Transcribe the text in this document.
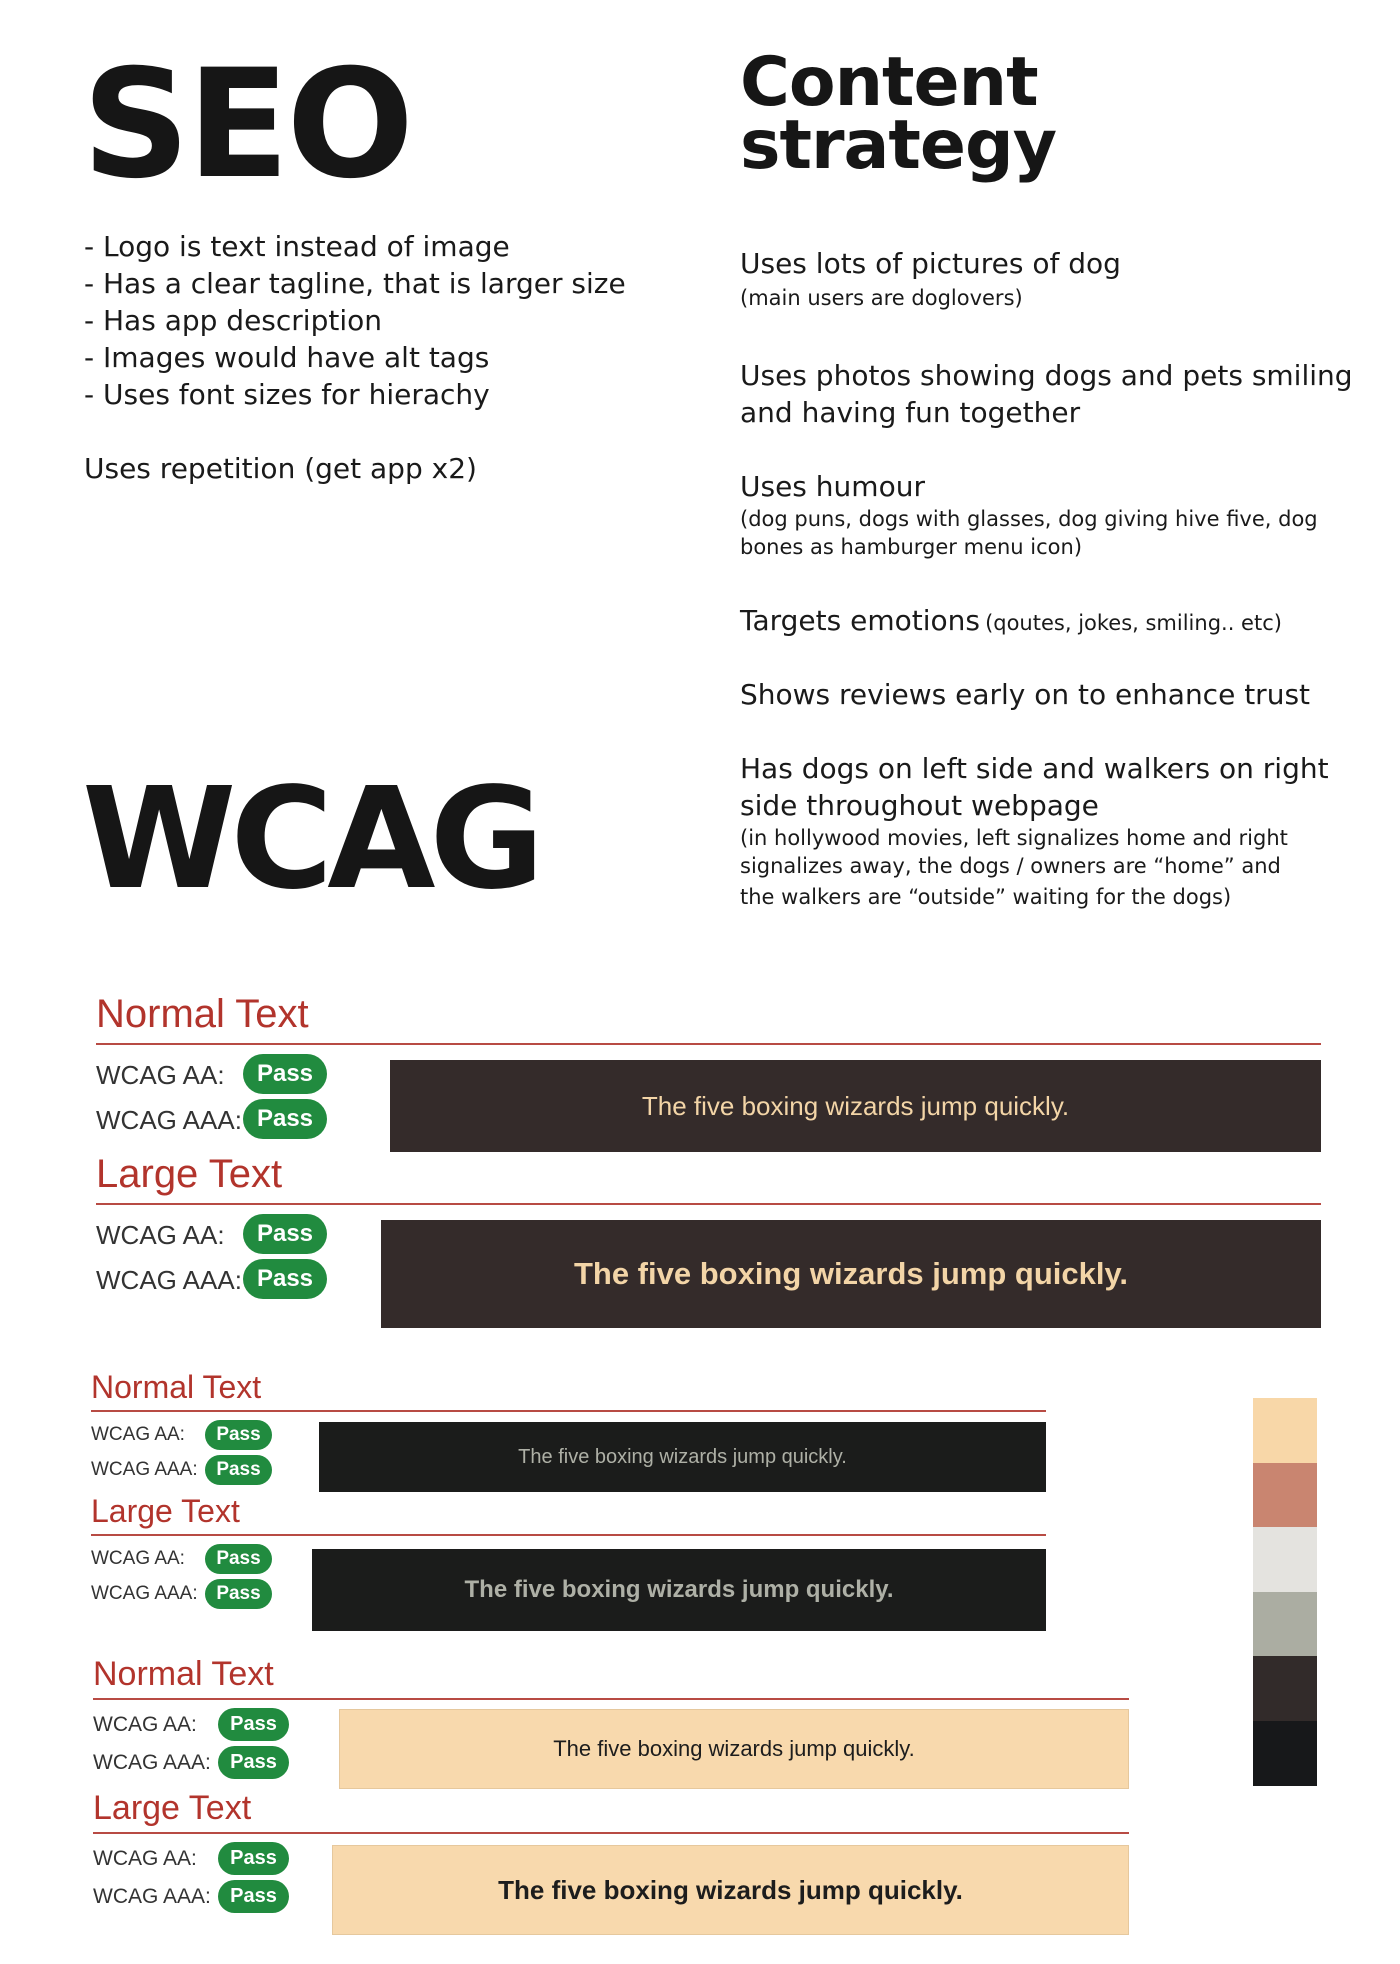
SEO
- Logo is text instead of image
- Has a clear tagline, that is larger size
- Has app description
- Images would have alt tags
- Uses font sizes for hierachy
Uses repetition (get app x2)
Content
strategy
Uses lots of pictures of dog
(main users are doglovers)
Uses photos showing dogs and pets smiling and having fun together
Uses humour
(dog puns, dogs with glasses, dog giving hive five, dog bones as hamburger menu icon)
Targets emotions (qoutes, jokes, smiling.. etc)
Shows reviews early on to enhance trust
Has dogs on left side and walkers on right side throughout webpage
(in hollywood movies, left signalizes home and right signalizes away, the dogs / owners are “home” and
the walkers are “outside” waiting for the dogs)
WCAG
Normal Text
WCAG AA:	Pass
WCAG AAA: Pass	The five boxing wizards jump quickly.
Large Text
WCAG AA:	Pass
WCAG AAA: Pass	The five boxing wizards jump quickly.
Normal Text
WCAG AA:	Pass
WCAG AAA: Pass
The five boxing wizards jump quickly.
Large Text
WCAG AA:	Pass
WCAG AAA: Pass	The five boxing wizards jump quickly.
Normal Text
WCAG AA:	Pass
WCAG AAA: Pass
The five boxing wizards jump quickly.
Large Text
WCAG AA:	Pass
WCAG AAA: Pass	The five boxing wizards jump quickly.
